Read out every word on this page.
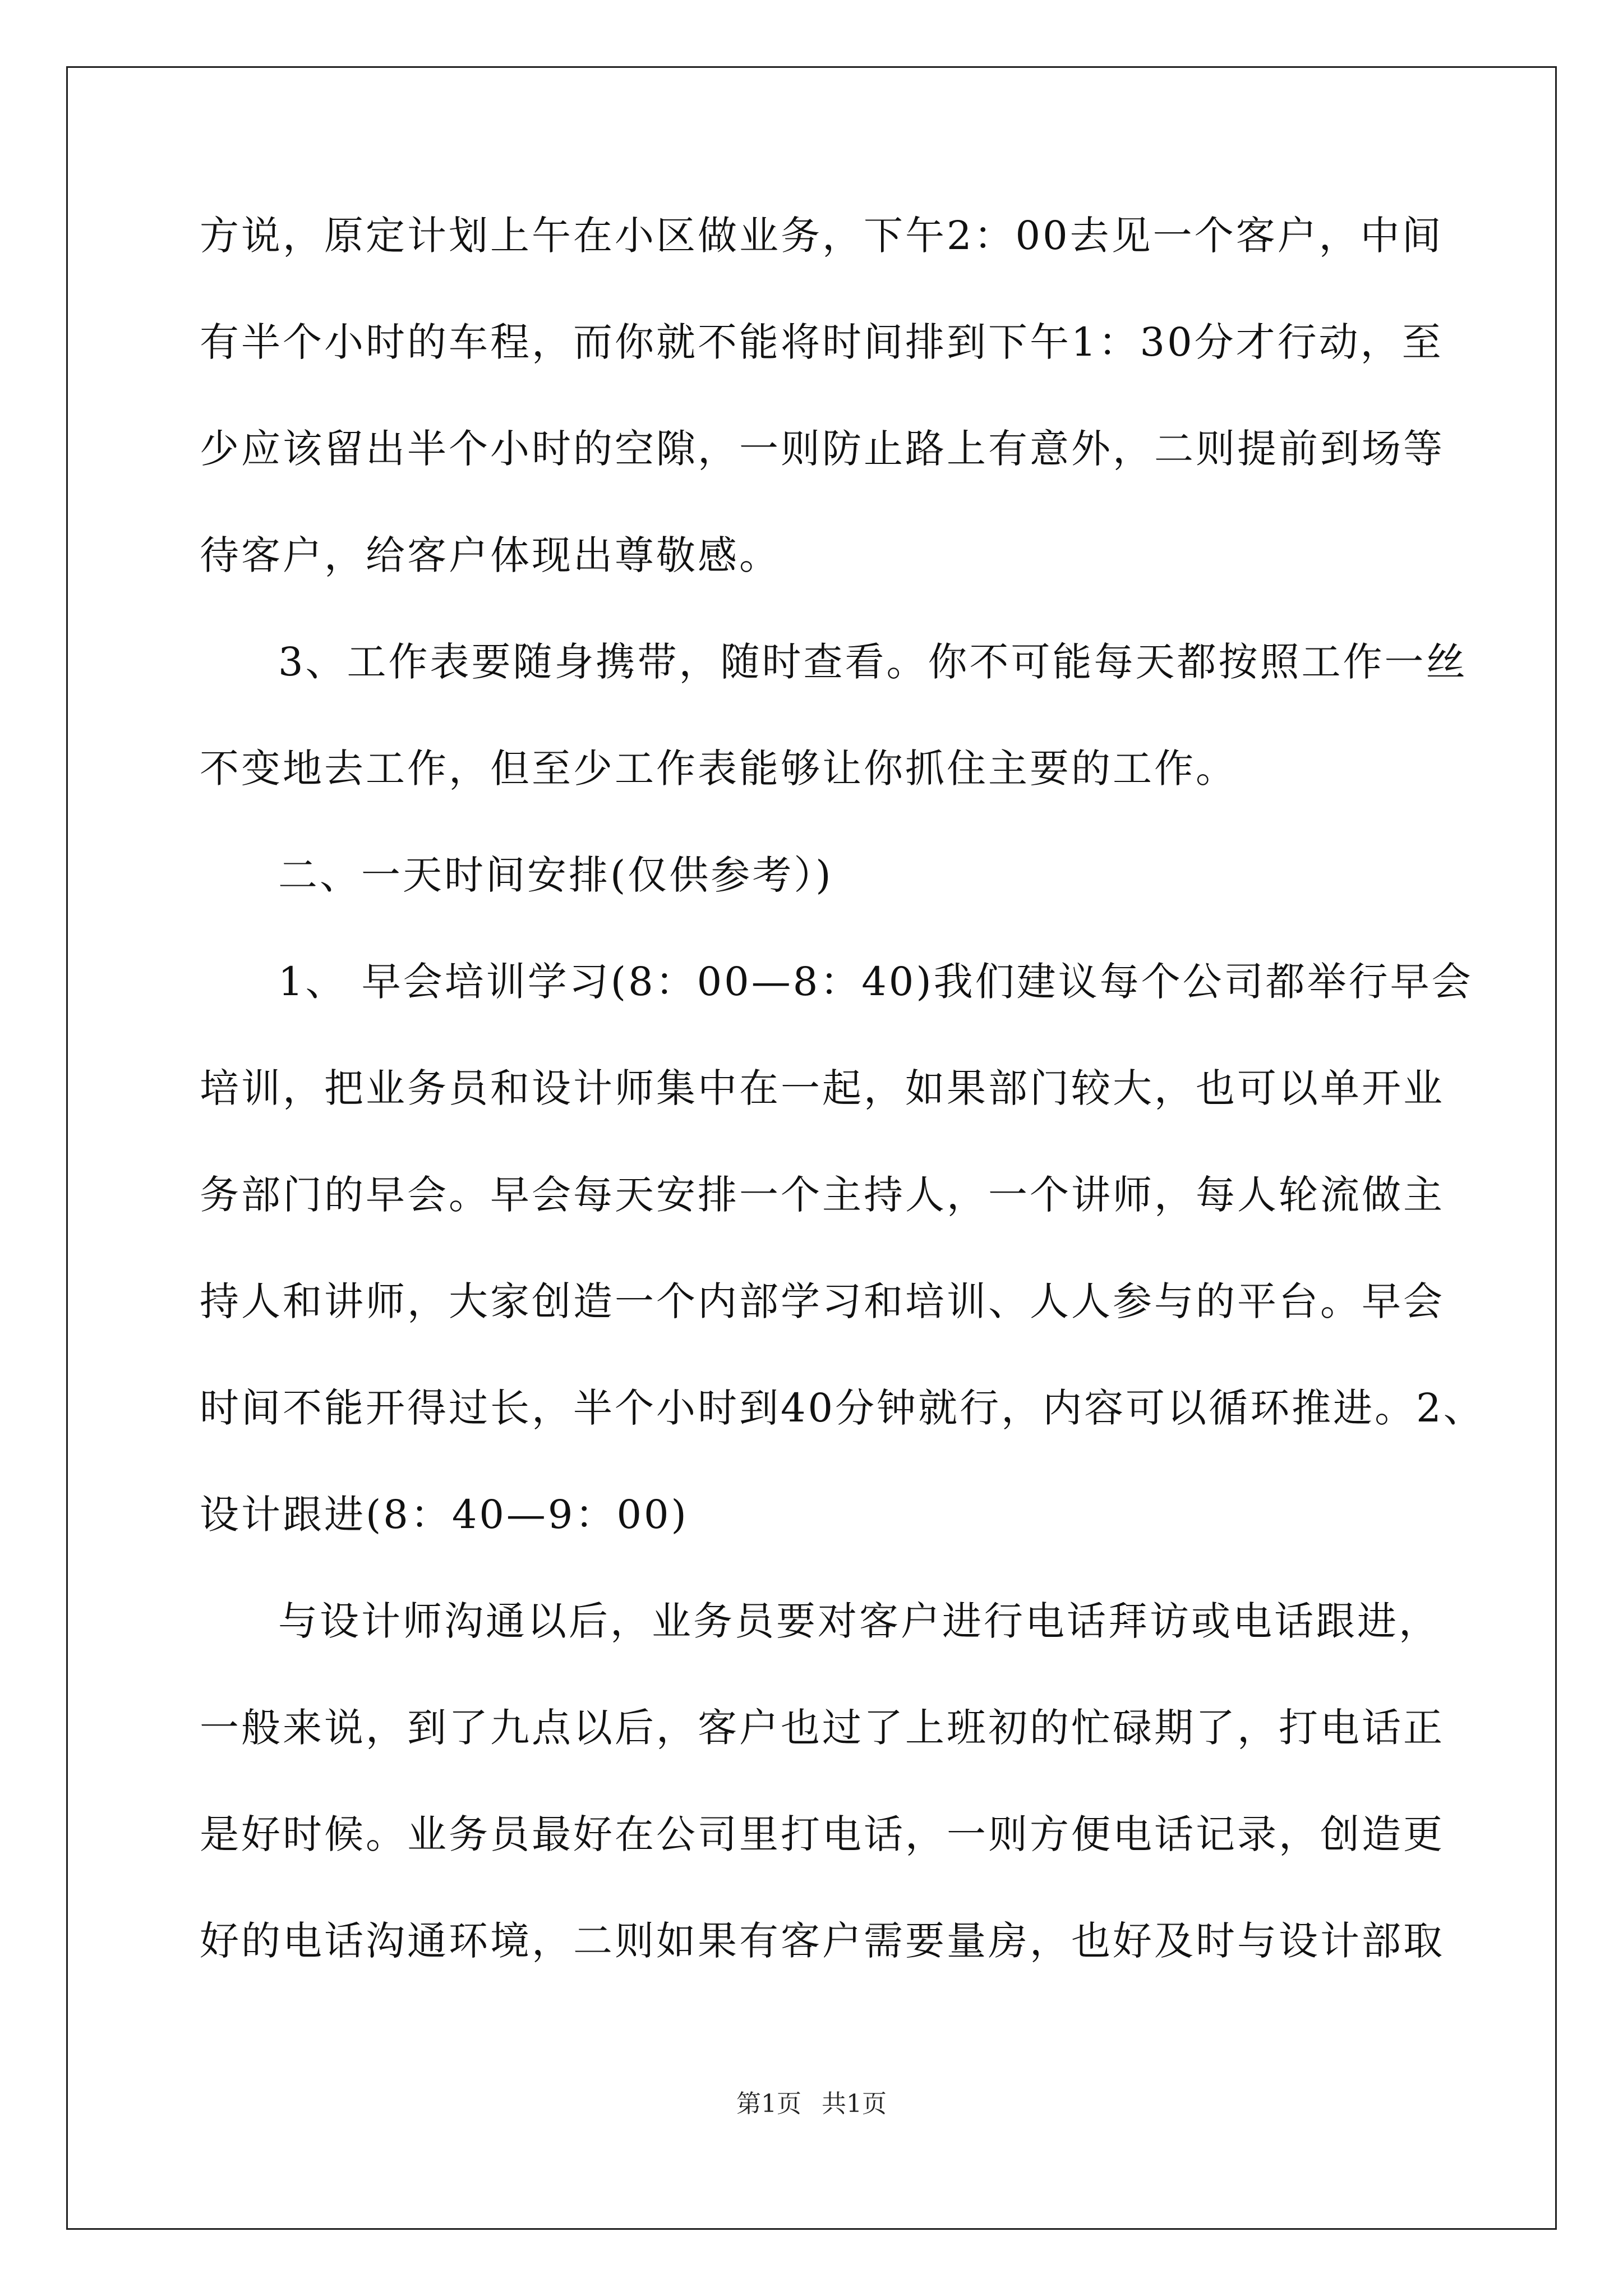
方说，原定计划上午在小区做业务，下午2：00去见一个客户，中间
有半个小时的车程，而你就不能将时间排到下午1：30分才行动，至
少应该留出半个小时的空隙，一则防止路上有意外，二则提前到场等
待客户，给客户体现出尊敬感。
3、工作表要随身携带，随时查看。你不可能每天都按照工作一丝
不变地去工作，但至少工作表能够让你抓住主要的工作。
二、一天时间安排(仅供参考）)
1、 早会培训学习(8：00—8：40)我们建议每个公司都举行早会
培训，把业务员和设计师集中在一起，如果部门较大，也可以单开业
务部门的早会。早会每天安排一个主持人，一个讲师，每人轮流做主
持人和讲师，大家创造一个内部学习和培训、人人参与的平台。早会
时间不能开得过长，半个小时到40分钟就行，内容可以循环推进。2、
设计跟进(8：40—9：00)
与设计师沟通以后，业务员要对客户进行电话拜访或电话跟进，
一般来说，到了九点以后，客户也过了上班初的忙碌期了，打电话正
是好时候。业务员最好在公司里打电话，一则方便电话记录，创造更
好的电话沟通环境，二则如果有客户需要量房，也好及时与设计部取
第1页 共1页
